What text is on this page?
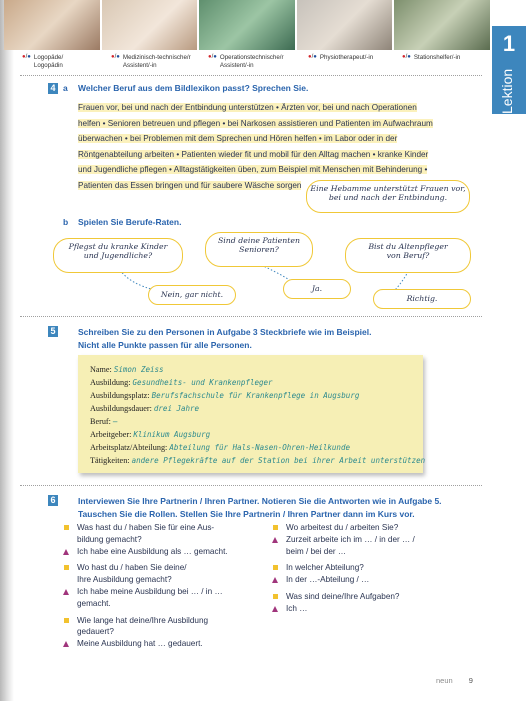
●/● Logopäde/ Logopädin
●/● Medizinisch-technische/r Assistent/-in
●/● Operationstechnische/r Assistent/-in
●/● Physiotherapeut/-in	●/● Stationshelfer/-in
1
Lektion
4 a Welcher Beruf aus dem Bildlexikon passt? Sprechen Sie.
Frauen vor, bei und nach der Entbindung unterstützen • Ärzten vor, bei und nach Operationen
helfen • Senioren betreuen und pflegen • bei Narkosen assistieren und Patienten im Aufwachraum
überwachen • bei Problemen mit dem Sprechen und Hören helfen • im Labor oder in der
Röntgenabteilung arbeiten • Patienten wieder fit und mobil für den Alltag machen • kranke Kinder
und Jugendliche pflegen • Alltagstätigkeiten üben, zum Beispiel mit Menschen mit Behinderung •
Patienten das Essen bringen und für saubere Wäsche sorgen	Eine Hebamme unterstützt Frauen vor,
bei und nach der Entbindung.
b Spielen Sie Berufe-Raten.
Pflegst du kranke Kinder
und Jugendliche?
Sind deine Patienten
Senioren?	Bist du Altenpfleger
von Beruf?
Nein, gar nicht.
Ja.
Richtig.
5	Schreiben Sie zu den Personen in Aufgabe 3 Steckbriefe wie im Beispiel.
Nicht alle Punkte passen für alle Personen.
Name: Simon Zeiss
Ausbildung: Gesundheits- und Krankenpfleger
Ausbildungsplatz: Berufsfachschule für Krankenpflege in Augsburg
Ausbildungsdauer: drei Jahre
Beruf: —
Arbeitgeber: Klinikum Augsburg
Arbeitsplatz/Abteilung: Abteilung für Hals-Nasen-Ohren-Heilkunde
Tätigkeiten: andere Pflegekräfte auf der Station bei ihrer Arbeit unterstützen
6	Interviewen Sie Ihre Partnerin / Ihren Partner. Notieren Sie die Antworten wie in Aufgabe 5.
Tauschen Sie die Rollen. Stellen Sie Ihre Partnerin / Ihren Partner dann im Kurs vor.
Was hast du / haben Sie für eine Aus-
bildung gemacht?
Ich habe eine Ausbildung als … gemacht.
Wo hast du / haben Sie deine/
Ihre Ausbildung gemacht?
Ich habe meine Ausbildung bei … / in …
gemacht.
Wie lange hat deine/Ihre Ausbildung
gedauert?
Meine Ausbildung hat … gedauert.
Wo arbeitest du / arbeiten Sie?
Zurzeit arbeite ich im … / in der … /
beim / bei der …
In welcher Abteilung?
In der …-Abteilung / …
Was sind deine/Ihre Aufgaben?
Ich …
neun 9
